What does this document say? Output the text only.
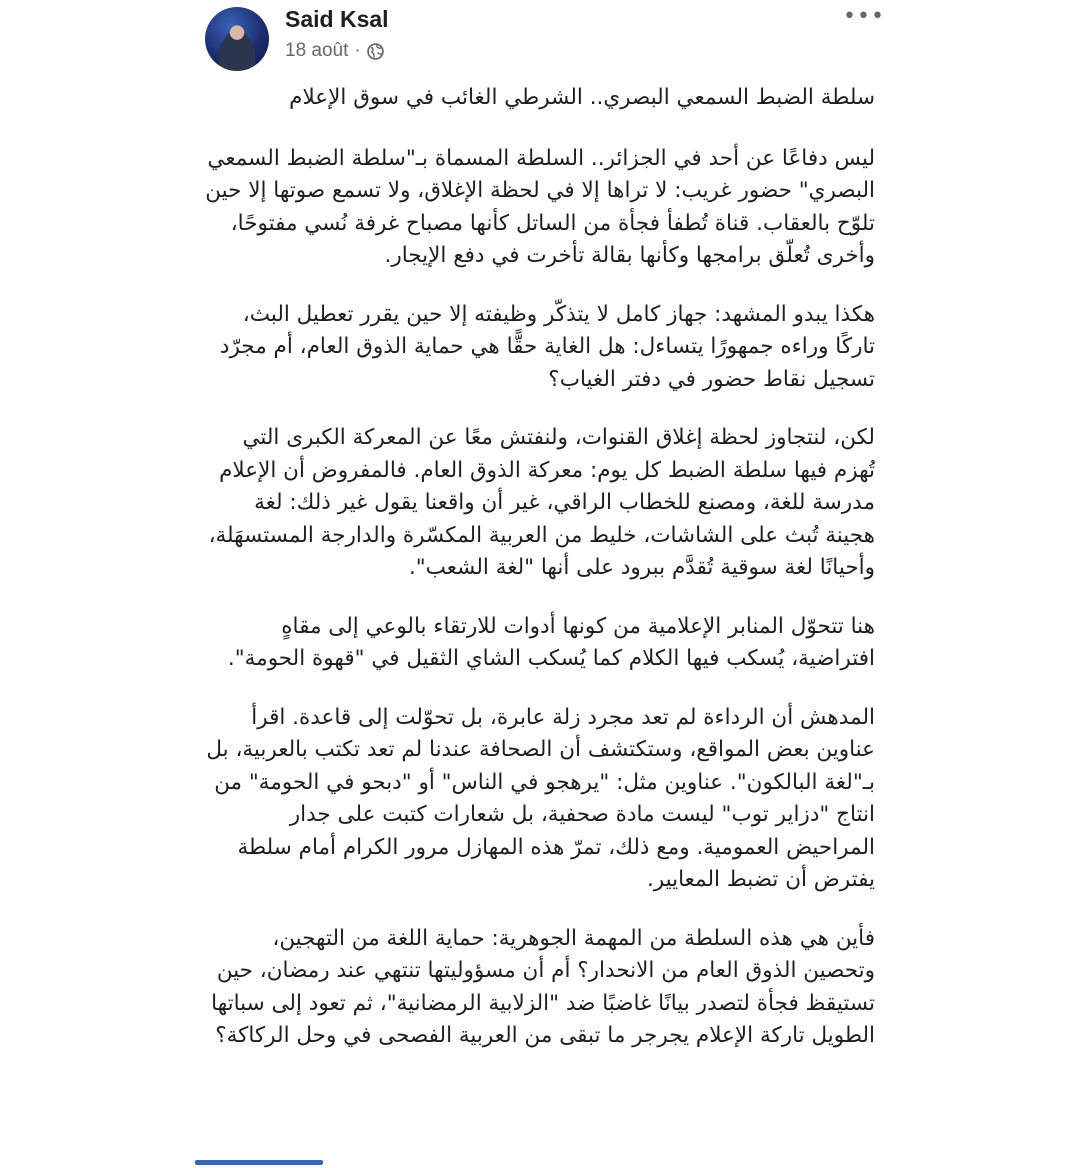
Said Ksal
18 août ·
•••

سلطة الضبط السمعي البصري.. الشرطي الغائب في سوق الإعلام

ليس دفاعًا عن أحد في الجزائر.. السلطة المسماة بـ"سلطة الضبط السمعي البصري" حضور غريب: لا تراها إلا في لحظة الإغلاق، ولا تسمع صوتها إلا حين تلوّح بالعقاب. قناة تُطفأ فجأة من الساتل كأنها مصباح غرفة نُسي مفتوحًا، وأخرى تُعلّق برامجها وكأنها بقالة تأخرت في دفع الإيجار.

هكذا يبدو المشهد: جهاز كامل لا يتذكّر وظيفته إلا حين يقرر تعطيل البث، تاركًا وراءه جمهورًا يتساءل: هل الغاية حقًّا هي حماية الذوق العام، أم مجرّد تسجيل نقاط حضور في دفتر الغياب؟

لكن، لنتجاوز لحظة إغلاق القنوات، ولنفتش معًا عن المعركة الكبرى التي تُهزم فيها سلطة الضبط كل يوم: معركة الذوق العام. فالمفروض أن الإعلام مدرسة للغة، ومصنع للخطاب الراقي، غير أن واقعنا يقول غير ذلك: لغة هجينة تُبث على الشاشات، خليط من العربية المكسّرة والدارجة المستسهَلة، وأحيانًا لغة سوقية تُقدَّم ببرود على أنها "لغة الشعب".

هنا تتحوّل المنابر الإعلامية من كونها أدوات للارتقاء بالوعي إلى مقاهٍ افتراضية، يُسكب فيها الكلام كما يُسكب الشاي الثقيل في "قهوة الحومة".

المدهش أن الرداءة لم تعد مجرد زلة عابرة، بل تحوّلت إلى قاعدة. اقرأ عناوين بعض المواقع، وستكتشف أن الصحافة عندنا لم تعد تكتب بالعربية، بل بـ"لغة البالكون". عناوين مثل: "يرهجو في الناس" أو "دبحو في الحومة" من انتاج "دزاير توب" ليست مادة صحفية، بل شعارات كتبت على جدار المراحيض العمومية. ومع ذلك، تمرّ هذه المهازل مرور الكرام أمام سلطة يفترض أن تضبط المعايير.

فأين هي هذه السلطة من المهمة الجوهرية: حماية اللغة من التهجين، وتحصين الذوق العام من الانحدار؟ أم أن مسؤوليتها تنتهي عند رمضان، حين تستيقظ فجأة لتصدر بيانًا غاضبًا ضد "الزلابية الرمضانية"، ثم تعود إلى سباتها الطويل تاركة الإعلام يجرجر ما تبقى من العربية الفصحى في وحل الركاكة؟
